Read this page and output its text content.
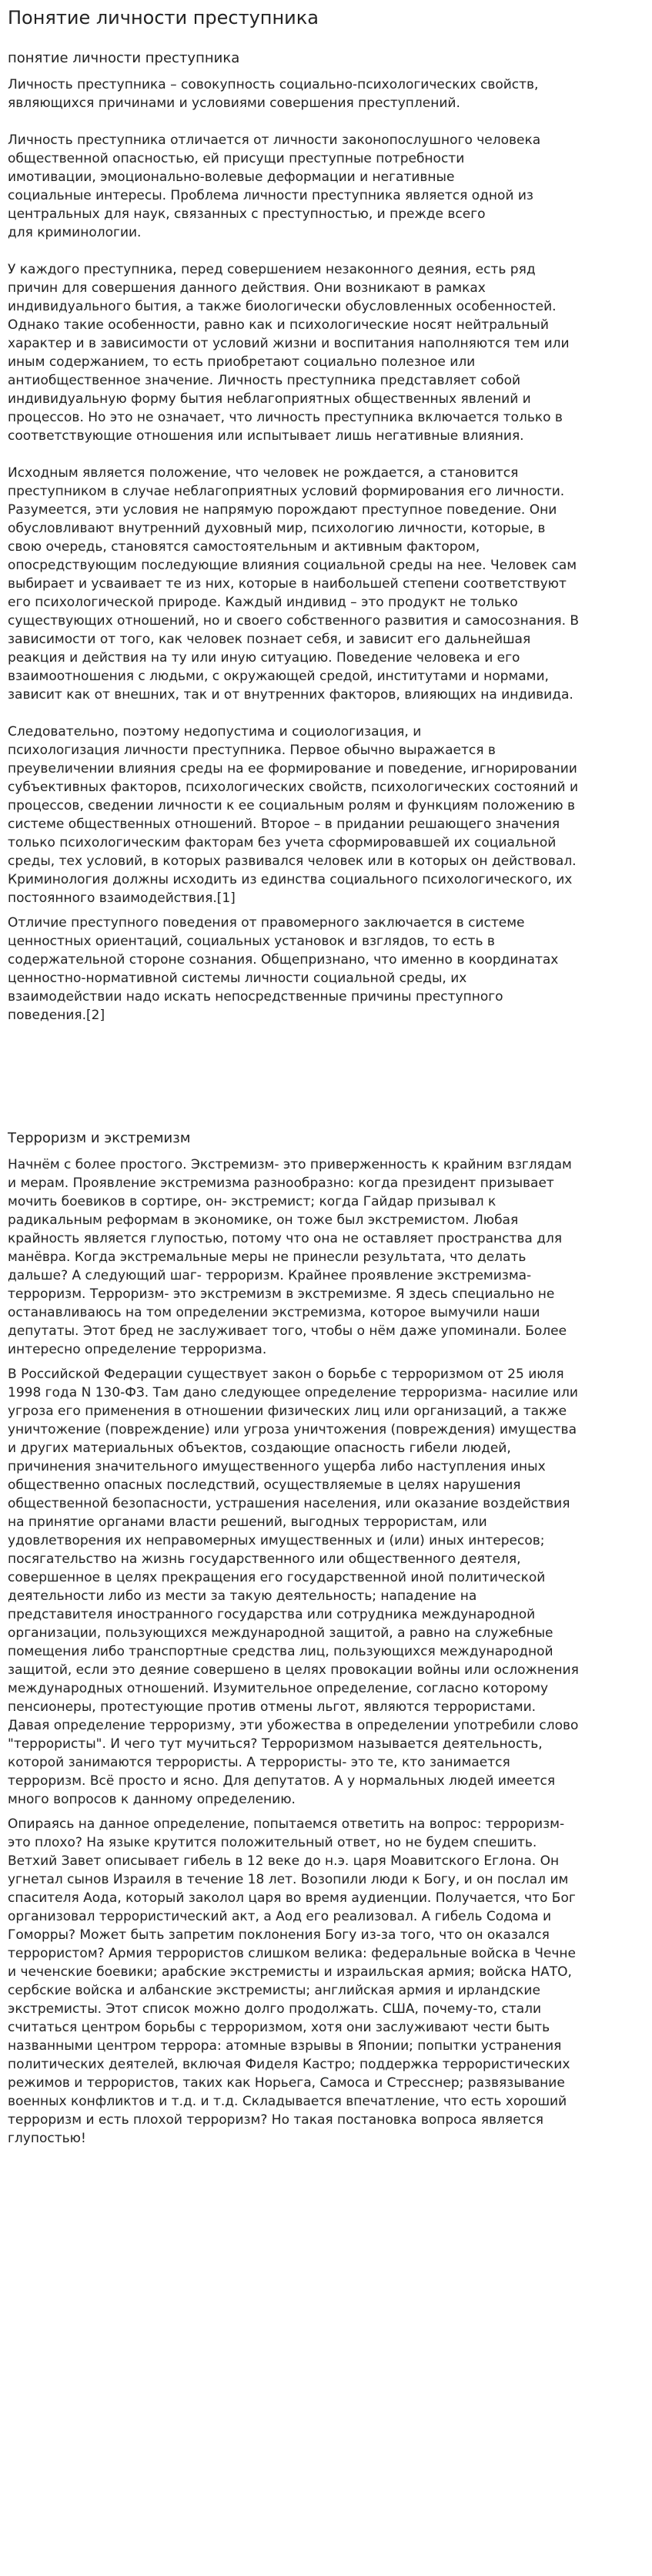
Понятие личности преступника
понятие личности преступника

Личность преступника – совокупность социально-психологических свойств,
являющихся причинами и условиями совершения преступлений.

Личность преступника отличается от личности законопослушного человека
общественной опасностью, ей присущи преступные потребности
имотивации, эмоционально-волевые деформации и негативные
социальные интересы. Проблема личности преступника является одной из
центральных для наук, связанных с преступностью, и прежде всего
для криминологии.

У каждого преступника, перед совершением незаконного деяния, есть ряд
причин для совершения данного действия. Они возникают в рамках
индивидуального бытия, а также биологически обусловленных особенностей.
Однако такие особенности, равно как и психологические носят нейтральный
характер и в зависимости от условий жизни и воспитания наполняются тем или
иным содержанием, то есть приобретают социально полезное или
антиобщественное значение. Личность преступника представляет собой
индивидуальную форму бытия неблагоприятных общественных явлений и
процессов. Но это не означает, что личность преступника включается только в
соответствующие отношения или испытывает лишь негативные влияния.

Исходным является положение, что человек не рождается, а становится
преступником в случае неблагоприятных условий формирования его личности.
Разумеется, эти условия не напрямую порождают преступное поведение. Они
обусловливают внутренний духовный мир, психологию личности, которые, в
свою очередь, становятся самостоятельным и активным фактором,
опосредствующим последующие влияния социальной среды на нее. Человек сам
выбирает и усваивает те из них, которые в наибольшей степени соответствуют
его психологической природе. Каждый индивид – это продукт не только
существующих отношений, но и своего собственного развития и самосознания. В
зависимости от того, как человек познает себя, и зависит его дальнейшая
реакция и действия на ту или иную ситуацию. Поведение человека и его
взаимоотношения с людьми, с окружающей средой, институтами и нормами,
зависит как от внешних, так и от внутренних факторов, влияющих на индивида.

Следовательно, поэтому недопустима и социологизация, и
психологизация личности преступника. Первое обычно выражается в
преувеличении влияния среды на ее формирование и поведение, игнорировании
субъективных факторов, психологических свойств, психологических состояний и
процессов, сведении личности к ее социальным ролям и функциям положению в
системе общественных отношений. Второе – в придании решающего значения
только психологическим факторам без учета сформировавшей их социальной
среды, тех условий, в которых развивался человек или в которых он действовал.
Криминология должны исходить из единства социального психологического, их
постоянного взаимодействия.[1]

Отличие преступного поведения от правомерного заключается в системе
ценностных ориентаций, социальных установок и взглядов, то есть в
содержательной стороне сознания. Общепризнано, что именно в координатах
ценностно-нормативной системы личности социальной среды, их
взаимодействии надо искать непосредственные причины преступного
поведения.[2]

Терроризм и экстремизм

Начнём с более простого. Экстремизм- это приверженность к крайним взглядам
и мерам. Проявление экстремизма разнообразно: когда президент призывает
мочить боевиков в сортире, он- экстремист; когда Гайдар призывал к
радикальным реформам в экономике, он тоже был экстремистом. Любая
крайность является глупостью, потому что она не оставляет пространства для
манёвра. Когда экстремальные меры не принесли результата, что делать
дальше? А следующий шаг- терроризм. Крайнее проявление экстремизма-
терроризм. Терроризм- это экстремизм в экстремизме. Я здесь специально не
останавливаюсь на том определении экстремизма, которое вымучили наши
депутаты. Этот бред не заслуживает того, чтобы о нём даже упоминали. Более
интересно определение терроризма.

В Российской Федерации существует закон о борьбе с терроризмом от 25 июля
1998 года N 130-ФЗ. Там дано следующее определение терроризма- насилие или
угроза его применения в отношении физических лиц или организаций, а также
уничтожение (повреждение) или угроза уничтожения (повреждения) имущества
и других материальных объектов, создающие опасность гибели людей,
причинения значительного имущественного ущерба либо наступления иных
общественно опасных последствий, осуществляемые в целях нарушения
общественной безопасности, устрашения населения, или оказание воздействия
на принятие органами власти решений, выгодных террористам, или
удовлетворения их неправомерных имущественных и (или) иных интересов;
посягательство на жизнь государственного или общественного деятеля,
совершенное в целях прекращения его государственной иной политической
деятельности либо из мести за такую деятельность; нападение на
представителя иностранного государства или сотрудника международной
организации, пользующихся международной защитой, а равно на служебные
помещения либо транспортные средства лиц, пользующихся международной
защитой, если это деяние совершено в целях провокации войны или осложнения
международных отношений. Изумительное определение, согласно которому
пенсионеры, протестующие против отмены льгот, являются террористами.
Давая определение терроризму, эти убожества в определении употребили слово
"террористы". И чего тут мучиться? Терроризмом называется деятельность,
которой занимаются террористы. А террористы- это те, кто занимается
терроризм. Всё просто и ясно. Для депутатов. А у нормальных людей имеется
много вопросов к данному определению.

Опираясь на данное определение, попытаемся ответить на вопрос: терроризм-
это плохо? На языке крутится положительный ответ, но не будем спешить.
Ветхий Завет описывает гибель в 12 веке до н.э. царя Моавитского Еглона. Он
угнетал сынов Израиля в течение 18 лет. Возопили люди к Богу, и он послал им
спасителя Аода, который заколол царя во время аудиенции. Получается, что Бог
организовал террористический акт, а Аод его реализовал. А гибель Содома и
Гоморры? Может быть запретим поклонения Богу из-за того, что он оказался
террористом? Армия террористов слишком велика: федеральные войска в Чечне
и чеченские боевики; арабские экстремисты и израильская армия; войска НАТО,
сербские войска и албанские экстремисты; английская армия и ирландские
экстремисты. Этот список можно долго продолжать. США, почему-то, стали
считаться центром борьбы с терроризмом, хотя они заслуживают чести быть
названными центром террора: атомные взрывы в Японии; попытки устранения
политических деятелей, включая Фиделя Кастро; поддержка террористических
режимов и террористов, таких как Норьега, Самоса и Стресснер; развязывание
военных конфликтов и т.д. и т.д. Складывается впечатление, что есть хороший
терроризм и есть плохой терроризм? Но такая постановка вопроса является
глупостью!
